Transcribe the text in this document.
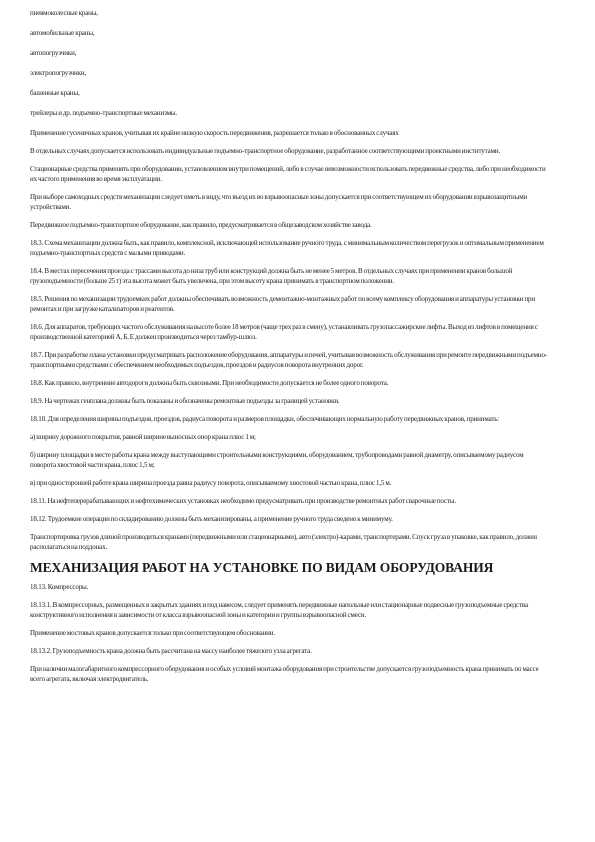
пневмоколесные краны,

автомобильные краны,

автопогрузчики,

электропогрузчики,

башенные краны,

трейлеры и др. подъемно-транспортные механизмы.

Применение гусеничных кранов, учитывая их крайне низкую скорость передвижения, разрешается только в обоснованных случаях

В отдельных случаях допускается использовать индивидуальные подъемно-транспортное оборудование, разработанное соответствующими проектными институтами.

Стационарные средства применять при оборудовании, установленном внутри помещений, либо в случае невозможности использовать передвижные средства, либо при необходимости их частого применения во время эксплуатации.

При выборе самоходных средств механизации следует иметь в виду, что въезд их во взрывоопасные зоны допускается при соответствующем их оборудовании взрывозащитными устройствами.

Передвижное подъемно-транспортное оборудование, как правило, предусматривается в общезаводском хозяйстве завода.

18.3. Схема механизации должна быть, как правило, комплексной, исключающей использование ручного труда, с минимальным количеством перегрузок и оптимальным применением подъемно-транспортных средств с малыми приводами.

18.4. В местах пересечения проезда с трассами высота до низа труб или конструкций должна быть не менее 5 метров. В отдельных случаях при применении кранов большой грузоподъемности (больше 25 т) эта высота может быть увеличена, при этом высоту крана принимать в транспортном положении.

18.5. Решения по механизации трудоемких работ должны обеспечивать возможность демонтажно-монтажных работ по всему комплексу оборудования и аппаратуры установки при ремонтах и при загрузке катализаторов и реагентов.

18.6. Для аппаратов, требующих частого обслуживания на высоте более 18 метров (чаще трех раз в смену), устанавливать грузопассажирские лифты. Выход из лифтов в помещения с производственной категорией А, Б, Е должен производиться через тамбур-шлюз.

18.7. При разработке плана установки предусматривать расположение оборудования, аппаратуры и печей, учитывая возможность обслуживания при ремонте передвижными подъемно-транспортными средствами с обеспечением необходимых подъездов, проездов и радиусов поворота внутренних дорог.

18.8. Как правило, внутренние автодороги должны быть сквозными. При необходимости допускается не более одного поворота.

18.9. На чертежах генплана должны быть показаны и обозначены ремонтные подъезды за границей установки.

18.10. Для определения ширины подъездов, проездов, радиуса поворота и размеров площадки, обеспечивающих нормальную работу передвижных кранов, принимать:

а) ширину дорожного покрытия, равной ширине выносных опор крана плюс 1 м;

б) ширину площадки в месте работы крана между выступающими строительными конструкциями, оборудованием, трубопроводами равной диаметру, описываемому радиусом поворота хвостовой части крана, плюс 1,5 м;

в) при односторонней работе крана ширина проезда равна радиусу поворота, описываемому хвостовой частью крана, плюс 1,5 м.

18.11. На нефтеперерабатывающих и нефтехимических установках необходимо предусматривать при производстве ремонтных работ сварочные посты.

18.12. Трудоемкие операции по складированию должны быть механизированы, а применение ручного труда сведено к минимуму.

Транспортировка грузов длиной производиться кранами (передвижными или стационарными), авто (электро)-карами, транспортерами. Спуск груза в упаковке, как правило, должен располагаться на поддонах.

МЕХАНИЗАЦИЯ РАБОТ НА УСТАНОВКЕ ПО ВИДАМ ОБОРУДОВАНИЯ

18.13. Компрессоры.

18.13.1. В компрессорных, размещенных в закрытых зданиях и под навесом, следует применять передвижные напольные или стационарные подвесные грузоподъемные средства конструктивного исполнения в зависимости от класса взрывоопасной зоны и категории и группы взрывоопасной смеси.

Применение мостовых кранов допускается только при соответствующем обосновании.

18.13.2. Грузоподъемность крана должна быть рассчитана на массу наиболее тяжелого узла агрегата.

При наличии малогабаритного компрессорного оборудования и особых условий монтажа оборудования при строительстве допускается грузоподъемность крана принимать по массе всего агрегата, включая электродвигатель.
